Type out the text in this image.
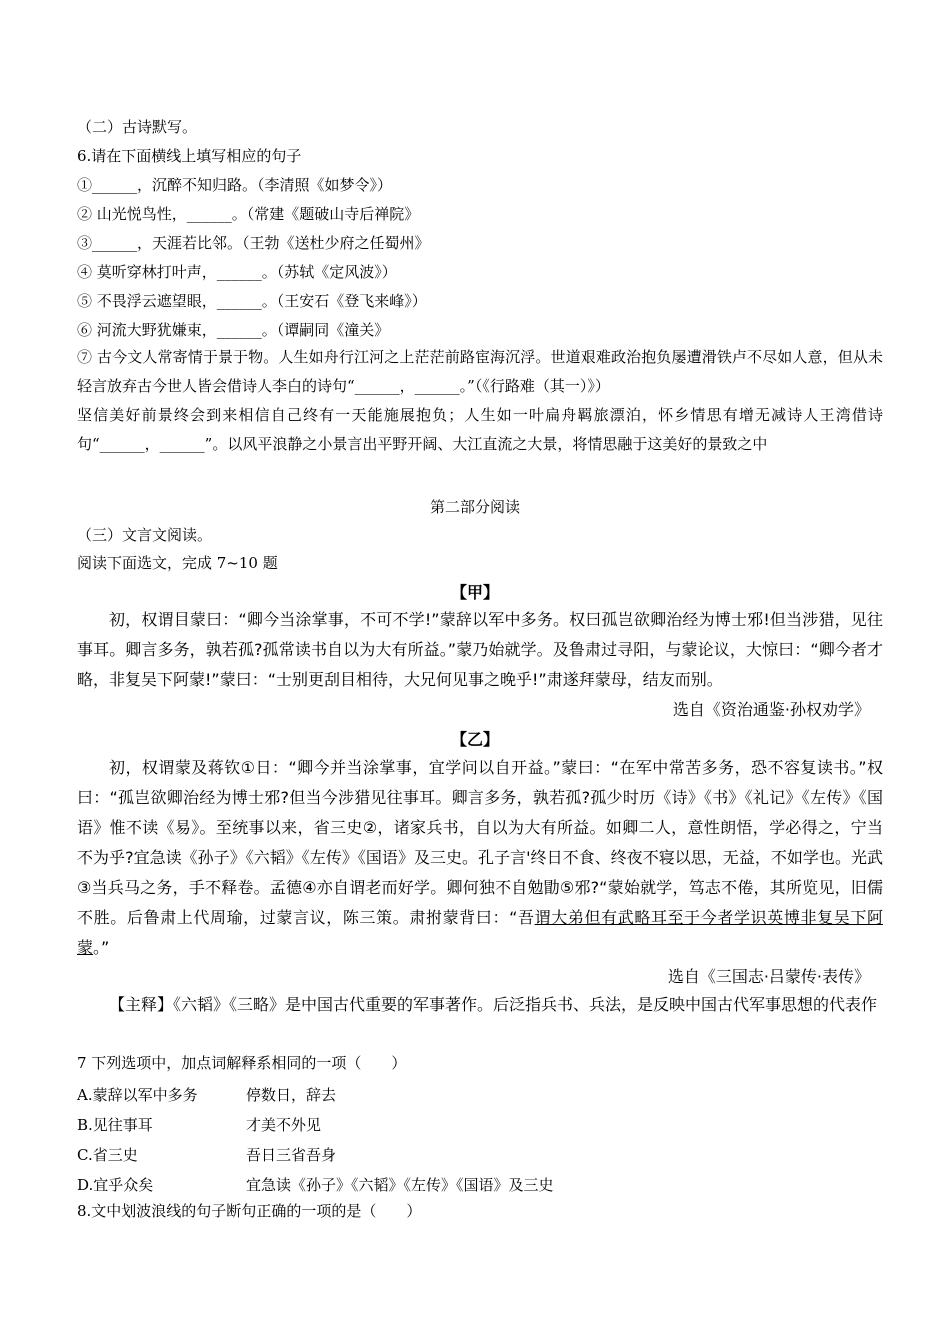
（二）古诗默写。
6.请在下面横线上填写相应的句子
①______，沉醉不知归路。（李清照《如梦令》）
② 山光悦鸟性，______。（常建《题破山寺后禅院》
③______，天涯若比邻。（王勃《送杜少府之任蜀州》
④ 莫听穿林打叶声，______。（苏轼《定风波》）
⑤ 不畏浮云遮望眼，______。（王安石《登飞来峰》）
⑥ 河流大野犹嫌束，______。（谭嗣同《潼关》
⑦ 古今文人常寄情于景于物。人生如舟行江河之上茫茫前路宦海沉浮。世道艰难政治抱负屡遭滑铁卢不尽如人意，但从未轻言放弃古今世人皆会借诗人李白的诗句“______，______。”（《行路难（其一）》）
坚信美好前景终会到来相信自己终有一天能施展抱负；人生如一叶扁舟羁旅漂泊，怀乡情思有增无减诗人王湾借诗句“______，______”。以风平浪静之小景言出平野开阔、大江直流之大景，将情思融于这美好的景致之中
第二部分阅读
（三）文言文阅读。
阅读下面选文，完成 7~10 题
【甲】
初，权谓目蒙曰：“卿今当涂掌事，不可不学!”蒙辞以军中多务。权曰孤岂欲卿治经为博士邪!但当涉猎，见往事耳。卿言多务，孰若孤?孤常读书自以为大有所益。”蒙乃始就学。及鲁肃过寻阳，与蒙论议，大惊曰：“卿今者才略，非复吴下阿蒙!”蒙曰：“士别更刮目相待，大兄何见事之晚乎!”肃遂拜蒙母，结友而别。
选自《资治通鉴·孙权劝学》
【乙】
初，权谓蒙及蒋钦①日：“卿今并当涂掌事，宜学问以自开益。”蒙曰：“在军中常苦多务，恐不容复读书。”权曰：“孤岂欲卿治经为博士邪?但当今涉猎见往事耳。卿言多务，孰若孤?孤少时历《诗》《书》《礼记》《左传》《国语》惟不读《易》。至统事以来，省三史②，诸家兵书，自以为大有所益。如卿二人，意性朗悟，学必得之，宁当不为乎?宜急读《孙子》《六韬》《左传》《国语》及三史。孔子言'终日不食、终夜不寝以思，无益，不如学也。光武③当兵马之务，手不释卷。孟德④亦自谓老而好学。卿何独不自勉勖⑤邪?“蒙始就学，笃志不倦，其所览见，旧儒不胜。后鲁肃上代周瑜，过蒙言议，陈三策。肃拊蒙背曰：“吾谓大弟但有武略耳至于今者学识英博非复吴下阿蒙。”
选自《三国志·吕蒙传·表传》
【主释】《六韬》《三略》是中国古代重要的军事著作。后泛指兵书、兵法，是反映中国古代军事思想的代表作
7 下列选项中，加点词解释系相同的一项（　　）
A.蒙辞以军中多务	停数日，辞去
B.见往事耳	才美不外见
C.省三史	吾日三省吾身
D.宜乎众矣	宜急读《孙子》《六韬》《左传》《国语》及三史
8.文中划波浪线的句子断句正确的一项的是（　　）
